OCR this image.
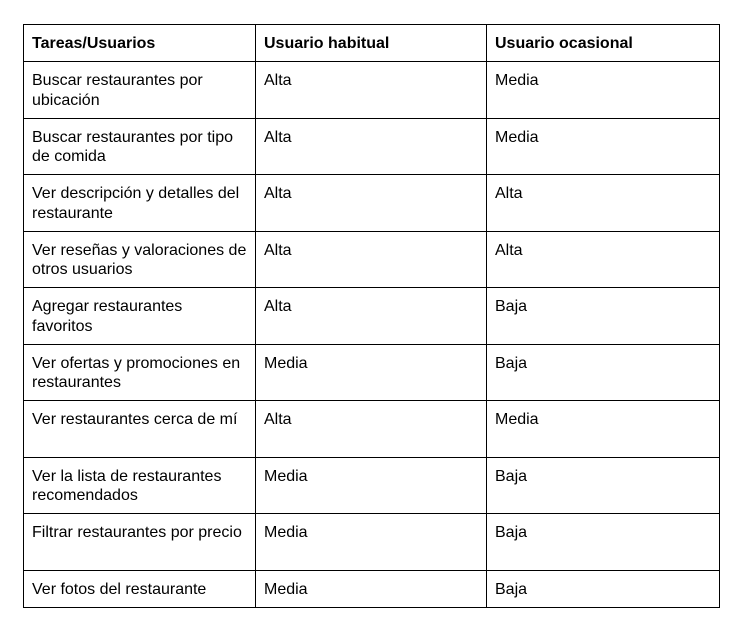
Tareas/Usuarios	Usuario habitual	Usuario ocasional
Buscar restaurantes por ubicación	Alta	Media
Buscar restaurantes por tipo de comida	Alta	Media
Ver descripción y detalles del restaurante	Alta	Alta
Ver reseñas y valoraciones de otros usuarios	Alta	Alta
Agregar restaurantes favoritos	Alta	Baja
Ver ofertas y promociones en restaurantes	Media	Baja
Ver restaurantes cerca de mí	Alta	Media
Ver la lista de restaurantes recomendados	Media	Baja
Filtrar restaurantes por precio	Media	Baja
Ver fotos del restaurante	Media	Baja
